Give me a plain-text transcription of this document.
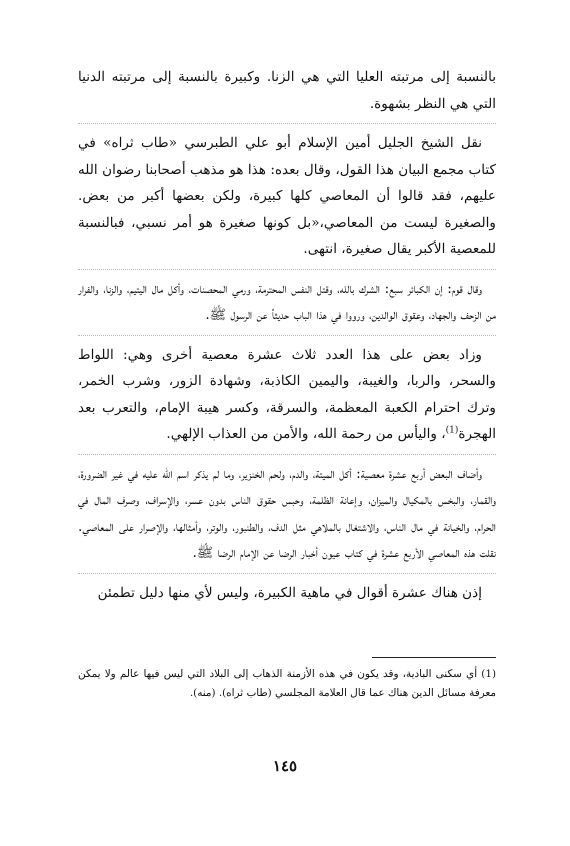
بالنسبة إلى مرتبته العليا التي هي الزنا. وكبيرة بالنسبة إلى مرتبته الدنيا التي هي النظر بشهوة.

نقل الشيخ الجليل أمين الإسلام أبو علي الطبرسي «طاب ثراه» في كتاب مجمع البيان هذا القول، وقال بعده: هذا هو مذهب أصحابنا رضوان الله عليهم، فقد قالوا أن المعاصي كلها كبيرة، ولكن بعضها أكبر من بعض. والصغيرة ليست من المعاصي،«بل كونها صغيرة هو أمر نسبي، فبالنسبة للمعصية الأكبر يقال صغيرة، انتهى.

وقال قوم: إن الكبائر سبع: الشرك بالله، وقتل النفس المحترمة، ورمي المحصنات، وأكل مال اليتيم، والزنا، والفرار من الزحف والجهاد، وعقوق الوالدين، ورووا في هذا الباب حديثاً عن الرسول ﷺ.

وزاد بعض على هذا العدد ثلاث عشرة معصية أخرى وهي: اللواط والسحر، والربا، والغيبة، واليمين الكاذبة، وشهادة الزور، وشرب الخمر، وترك احترام الكعبة المعظمة، والسرقة، وكسر هيبة الإمام، والتعرب بعد الهجرة$^{(1)}$، واليأس من رحمة الله، والأمن من العذاب الإلهي.

وأضاف البعض أربع عشرة معصية: أكل الميتة، والدم، ولحم الخنزير، وما لم يذكر اسم الله عليه في غير الضرورة، والقمار، والبخس بالمكيال والميزان، وإعانة الظلمة، وحبس حقوق الناس بدون عسر، والإسراف، وصرف المال في الحرام، والخيانة في مال الناس، والاشتغال بالملاهي مثل الدف، والطنبور، والوتر، وأمثالها، والإصرار على المعاصي. نقلت هذه المعاصي الأربع عشرة في كتاب عيون أخبار الرضا عن الإمام الرضا ﷺ.

إذن هناك عشرة أقوال في ماهية الكبيرة، وليس لأي منها دليل تطمئن

(1) أي سكنى البادية، وقد يكون في هذه الأزمنة الذهاب إلى البلاد التي ليس فيها عالم ولا يمكن معرفة مسائل الدين هناك عما قال العلامة المجلسي (طاب ثراه). (منه).

١٤٥
